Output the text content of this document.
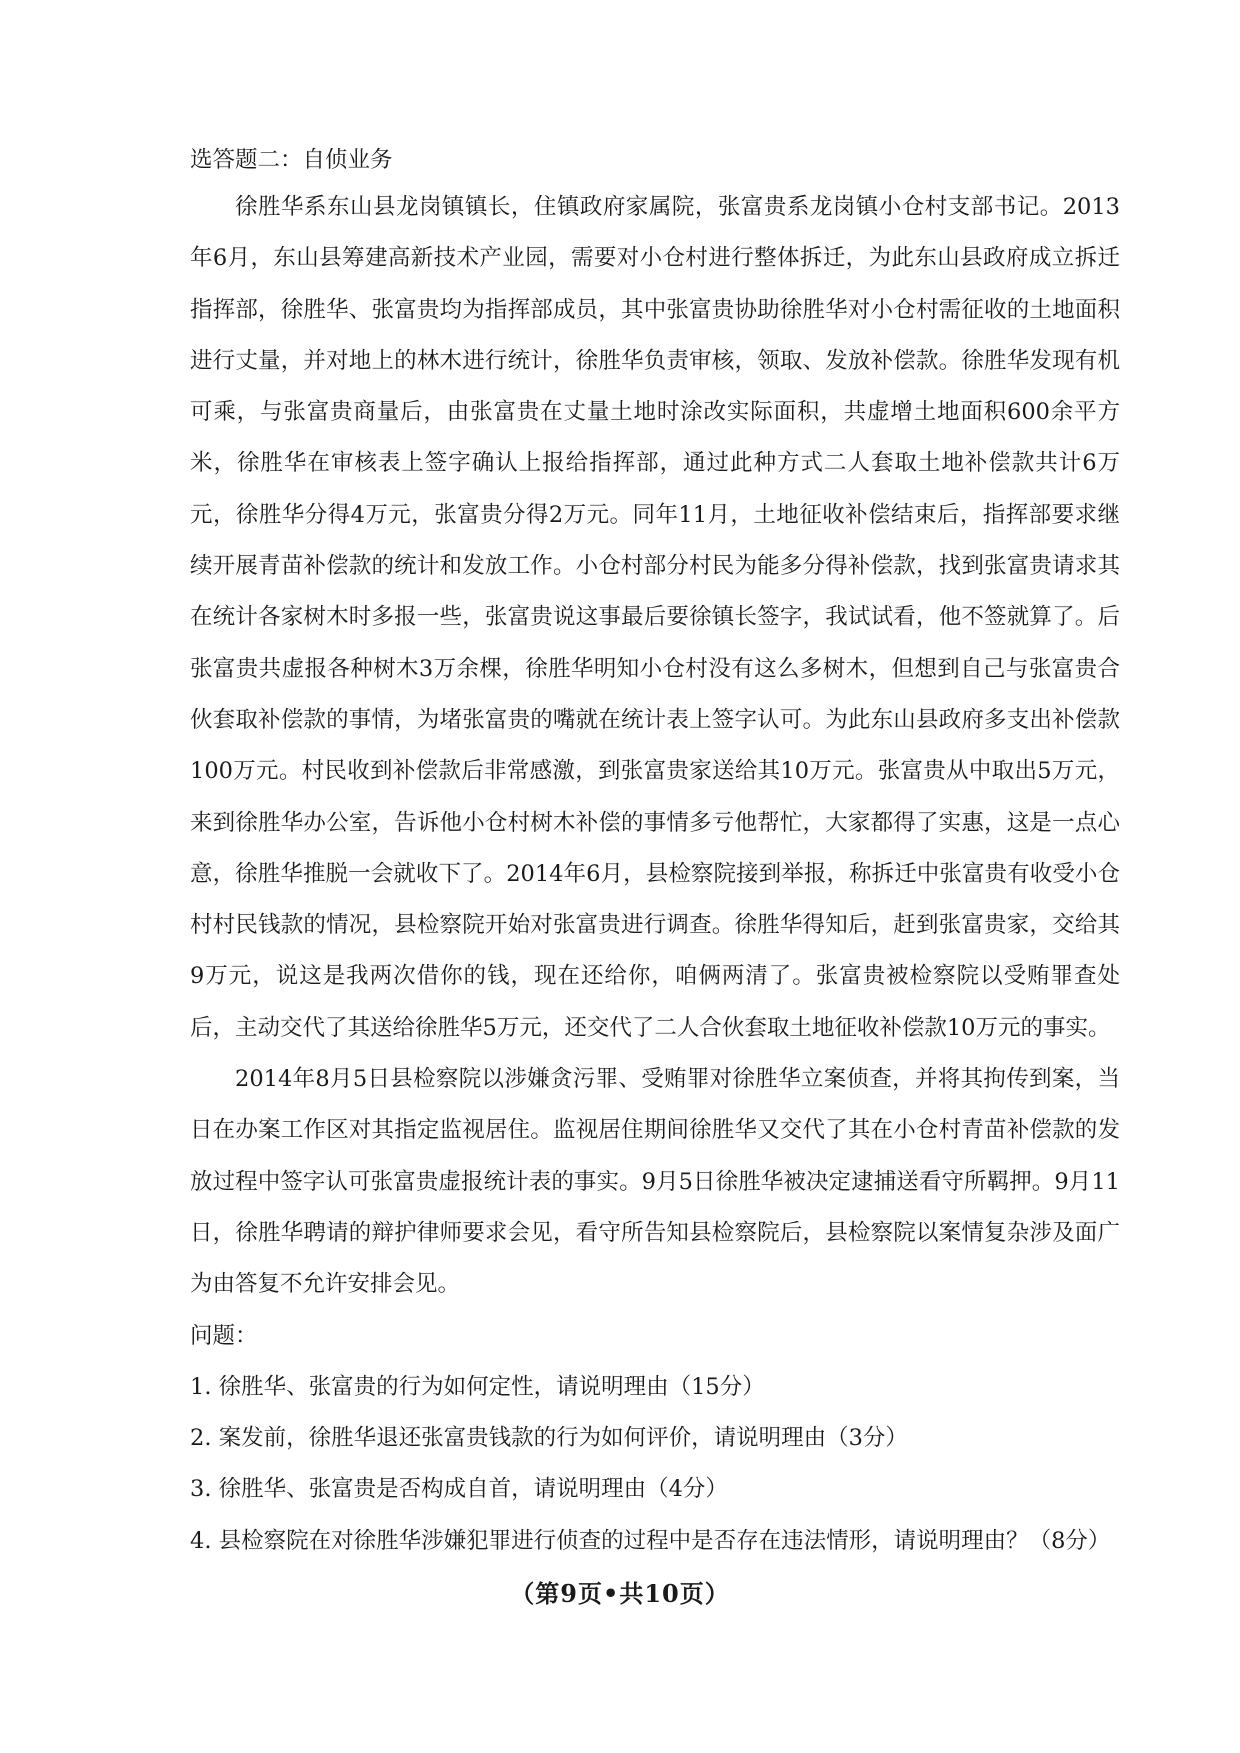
选答题二：自侦业务

徐胜华系东山县龙岗镇镇长，住镇政府家属院，张富贵系龙岗镇小仓村支部书记。2013年6月，东山县筹建高新技术产业园，需要对小仓村进行整体拆迁，为此东山县政府成立拆迁指挥部，徐胜华、张富贵均为指挥部成员，其中张富贵协助徐胜华对小仓村需征收的土地面积进行丈量，并对地上的林木进行统计，徐胜华负责审核，领取、发放补偿款。徐胜华发现有机可乘，与张富贵商量后，由张富贵在丈量土地时涂改实际面积，共虚增土地面积600余平方米，徐胜华在审核表上签字确认上报给指挥部，通过此种方式二人套取土地补偿款共计6万元，徐胜华分得4万元，张富贵分得2万元。同年11月，土地征收补偿结束后，指挥部要求继续开展青苗补偿款的统计和发放工作。小仓村部分村民为能多分得补偿款，找到张富贵请求其在统计各家树木时多报一些，张富贵说这事最后要徐镇长签字，我试试看，他不签就算了。后张富贵共虚报各种树木3万余棵，徐胜华明知小仓村没有这么多树木，但想到自己与张富贵合伙套取补偿款的事情，为堵张富贵的嘴就在统计表上签字认可。为此东山县政府多支出补偿款100万元。村民收到补偿款后非常感激，到张富贵家送给其10万元。张富贵从中取出5万元，来到徐胜华办公室，告诉他小仓村树木补偿的事情多亏他帮忙，大家都得了实惠，这是一点心意，徐胜华推脱一会就收下了。2014年6月，县检察院接到举报，称拆迁中张富贵有收受小仓村村民钱款的情况，县检察院开始对张富贵进行调查。徐胜华得知后，赶到张富贵家，交给其9万元，说这是我两次借你的钱，现在还给你，咱俩两清了。张富贵被检察院以受贿罪查处后，主动交代了其送给徐胜华5万元，还交代了二人合伙套取土地征收补偿款10万元的事实。

2014年8月5日县检察院以涉嫌贪污罪、受贿罪对徐胜华立案侦查，并将其拘传到案，当日在办案工作区对其指定监视居住。监视居住期间徐胜华又交代了其在小仓村青苗补偿款的发放过程中签字认可张富贵虚报统计表的事实。9月5日徐胜华被决定逮捕送看守所羁押。9月11日，徐胜华聘请的辩护律师要求会见，看守所告知县检察院后，县检察院以案情复杂涉及面广为由答复不允许安排会见。

问题：

1. 徐胜华、张富贵的行为如何定性，请说明理由（15分）

2. 案发前，徐胜华退还张富贵钱款的行为如何评价，请说明理由（3分）

3. 徐胜华、张富贵是否构成自首，请说明理由（4分）

4. 县检察院在对徐胜华涉嫌犯罪进行侦查的过程中是否存在违法情形，请说明理由？（8分）

（第9页•共10页）
